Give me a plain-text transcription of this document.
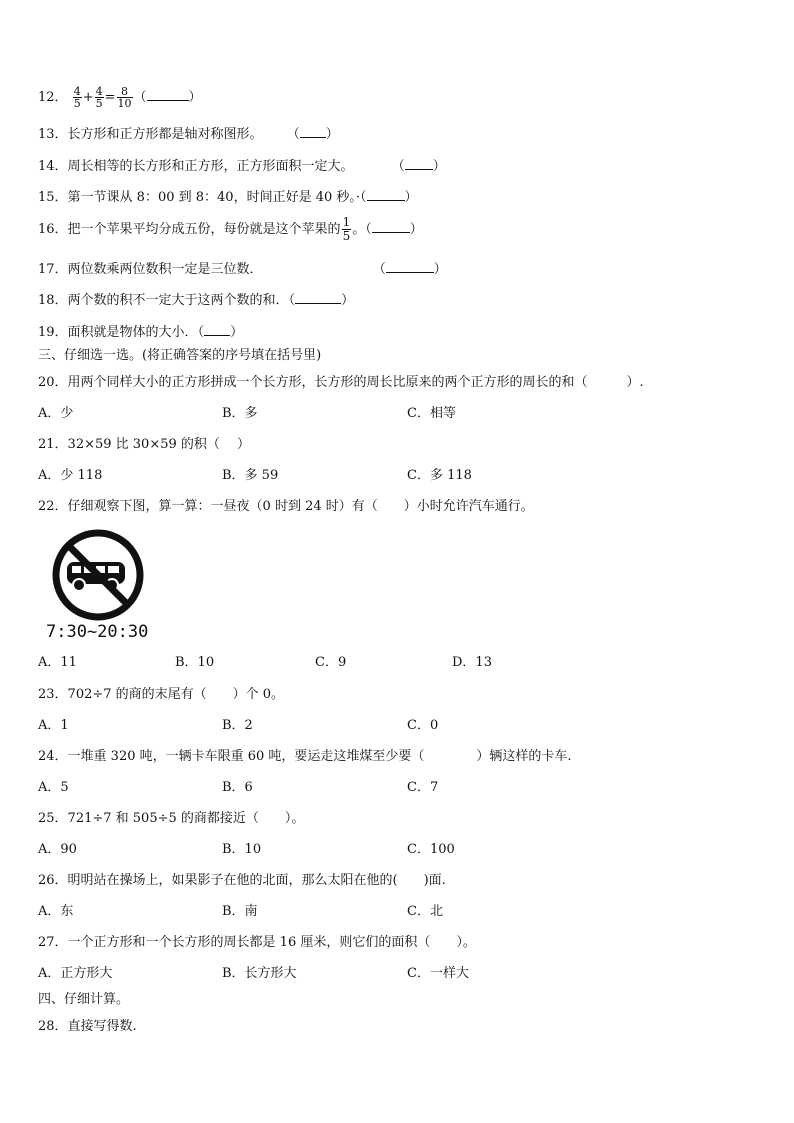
12． $\frac{4}{5} + \frac{4}{5} = \frac{8}{10}$ （	）
13．长方形和正方形都是轴对称图形。 （ ）
14．周长相等的长方形和正方形，正方形面积一定大。	（ ）
15．第一节课从 8：00 到 8：40，时间正好是 40 秒。·（	）
16．把一个苹果平均分成五份，每份就是这个苹果的 $\frac{1}{5}$ 。（	）
17．两位数乘两位数积一定是三位数．	（	）
18．两个数的积不一定大于这两个数的和．（	）
19．面积就是物体的大小．（ ）
三、仔细选一选。(将正确答案的序号填在括号里)
20．用两个同样大小的正方形拼成一个长方形，长方形的周长比原来的两个正方形的周长的和（　　　）.
A．少	B．多	C．相等
21．32×59 比 30×59 的积（　 ）
A．少 118	B．多 59	C．多 118
22．仔细观察下图，算一算：一昼夜（0 时到 24 时）有（　　）小时允许汽车通行。
7:30~20:30
A．11	B．10	C．9	D．13
23．702÷7 的商的末尾有（　　）个 0。
A．1	B．2	C．0
24．一堆重 320 吨，一辆卡车限重 60 吨，要运走这堆煤至少要（　　　　）辆这样的卡车.
A．5	B．6	C．7
25．721÷7 和 505÷5 的商都接近（　　）。
A．90	B．10	C．100
26．明明站在操场上，如果影子在他的北面，那么太阳在他的(　　)面.
A．东	B．南	C．北
27．一个正方形和一个长方形的周长都是 16 厘米，则它们的面积（　　）。
A．正方形大	B．长方形大	C．一样大
四、仔细计算。
28．直接写得数.
